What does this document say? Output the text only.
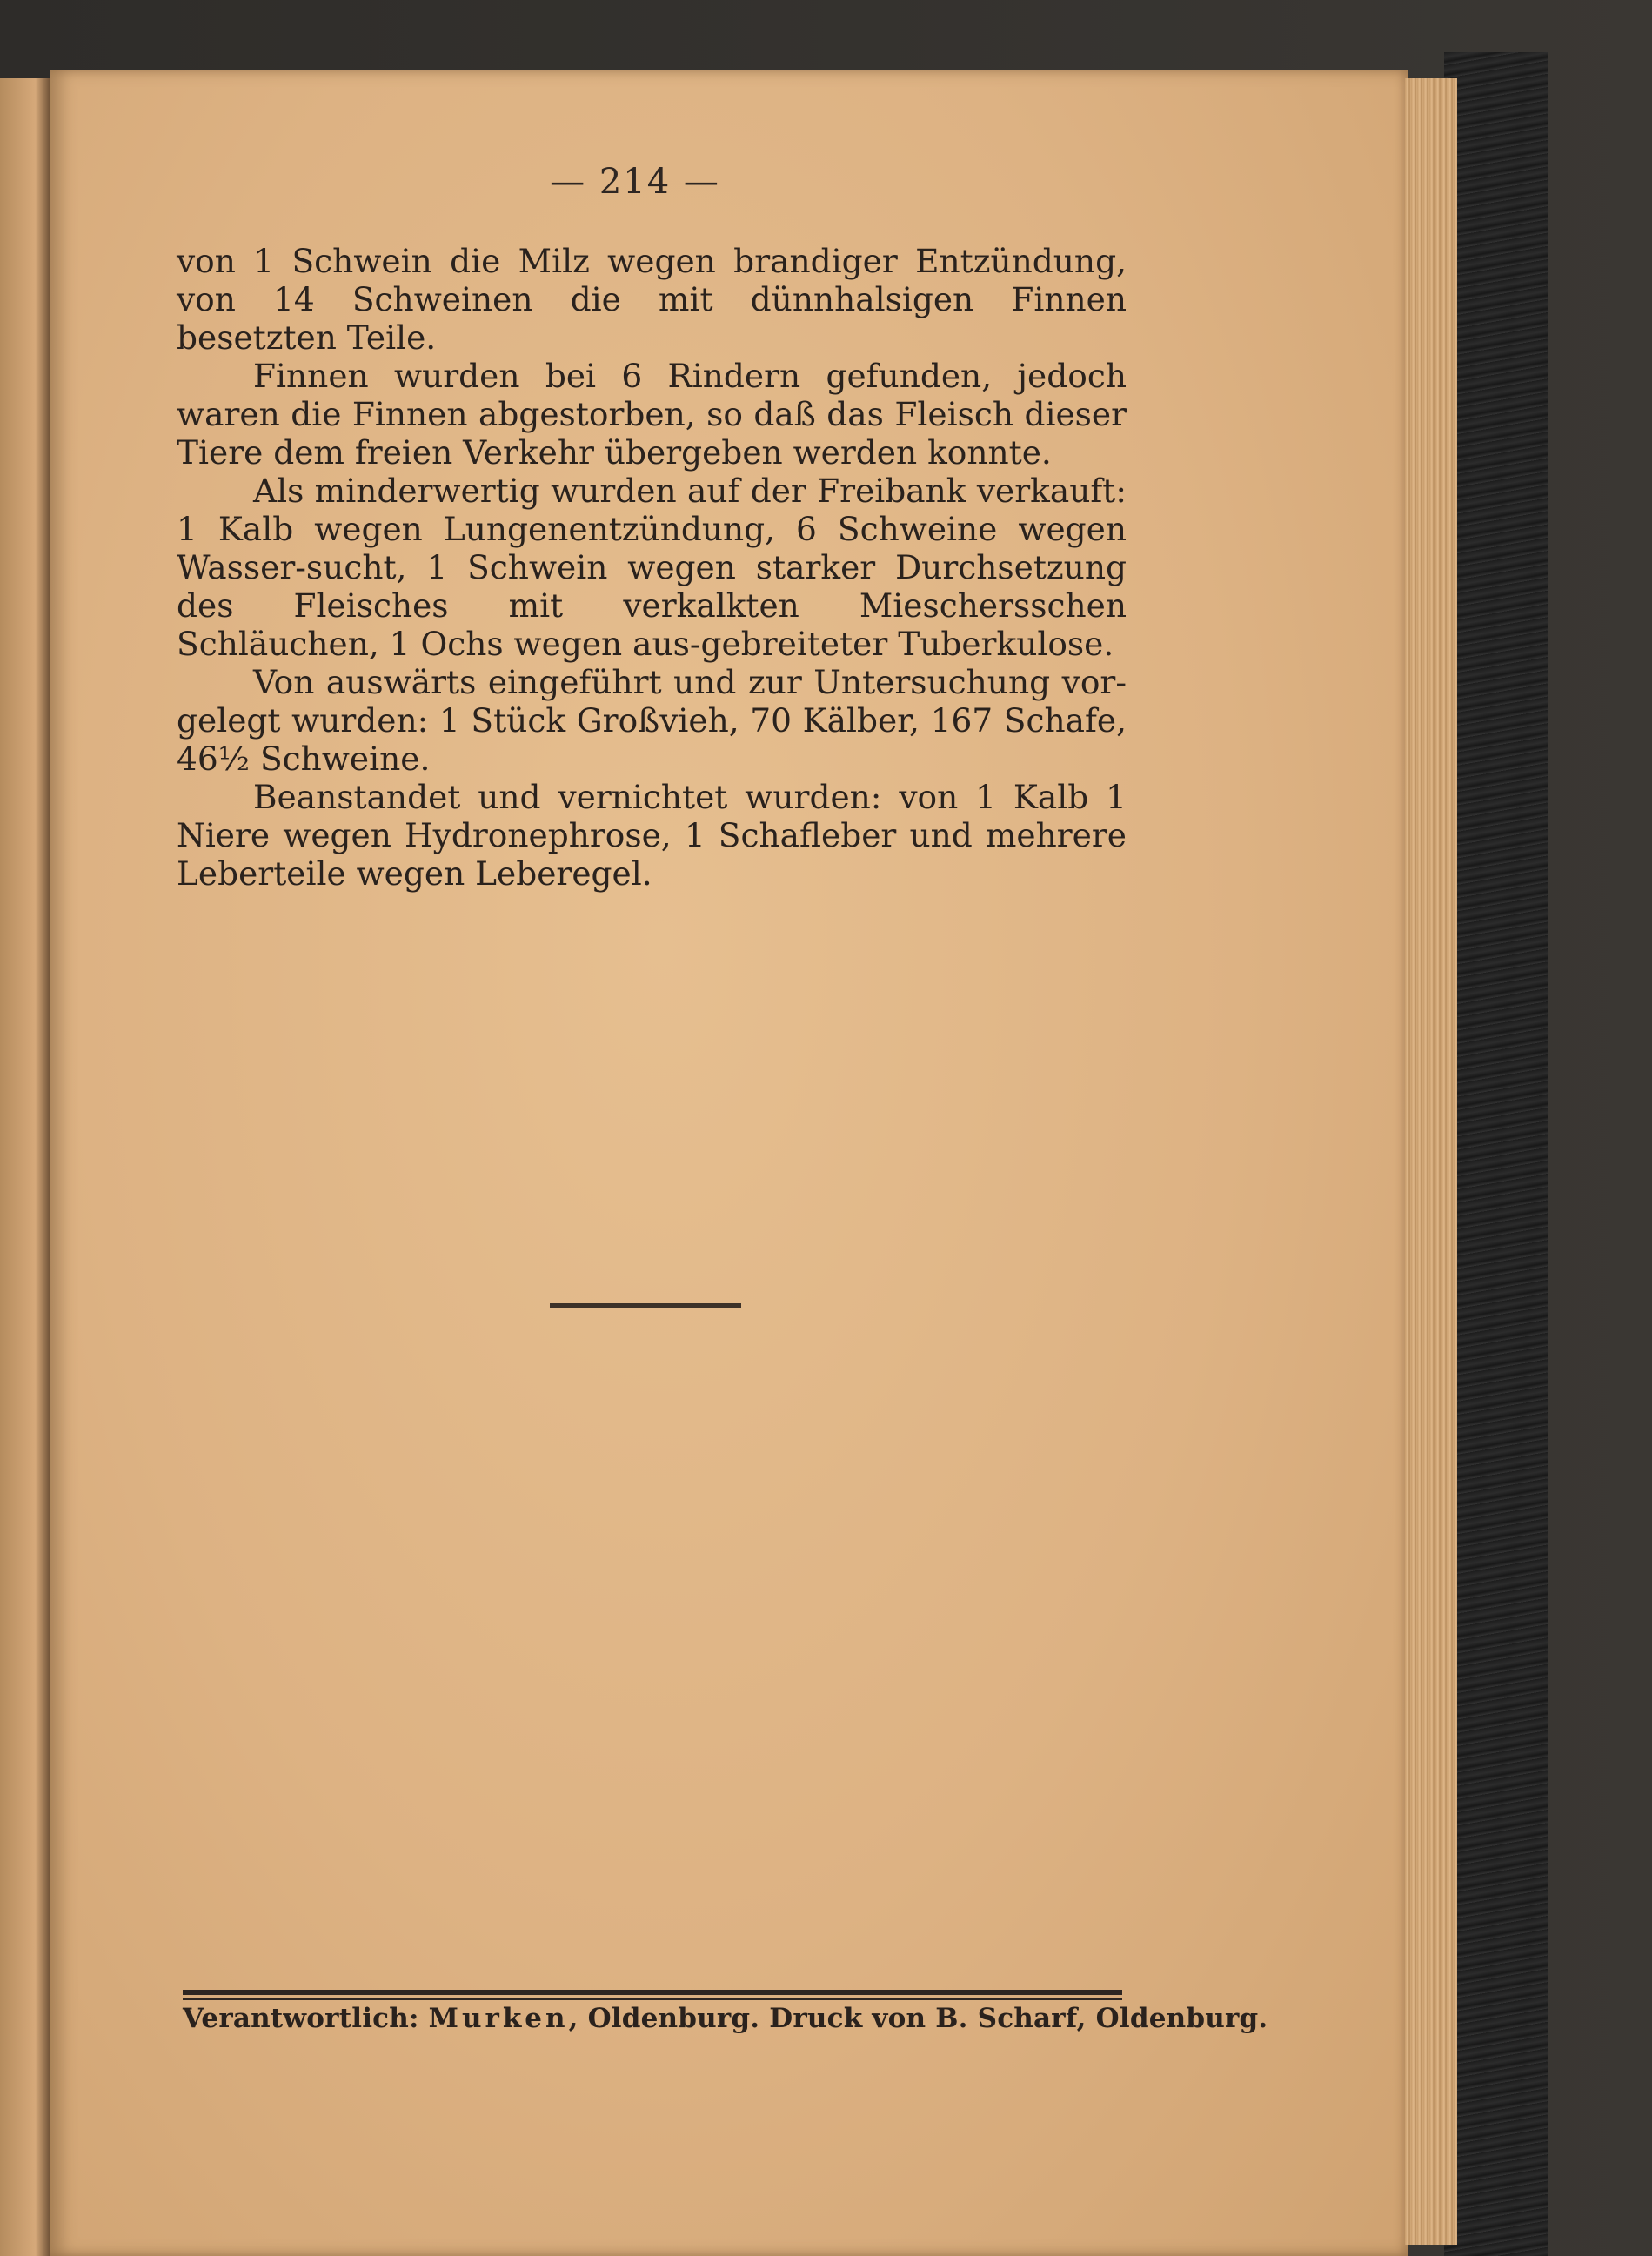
— 214 —

von 1 Schwein die Milz wegen brandiger Entzündung, von 14 Schweinen die mit dünnhalsigen Finnen besetzten Teile.

Finnen wurden bei 6 Rindern gefunden, jedoch waren die Finnen abgestorben, so daß das Fleisch dieser Tiere dem freien Verkehr übergeben werden konnte.

Als minderwertig wurden auf der Freibank verkauft: 1 Kalb wegen Lungenentzündung, 6 Schweine wegen Wasser-sucht, 1 Schwein wegen starker Durchsetzung des Fleisches mit verkalkten Mieschersschen Schläuchen, 1 Ochs wegen aus-gebreiteter Tuberkulose.

Von auswärts eingeführt und zur Untersuchung vor-gelegt wurden: 1 Stück Großvieh, 70 Kälber, 167 Schafe, 46½ Schweine.

Beanstandet und vernichtet wurden: von 1 Kalb 1 Niere wegen Hydronephrose, 1 Schafleber und mehrere Leberteile wegen Leberegel.

Verantwortlich: Murken, Oldenburg. Druck von B. Scharf, Oldenburg.
